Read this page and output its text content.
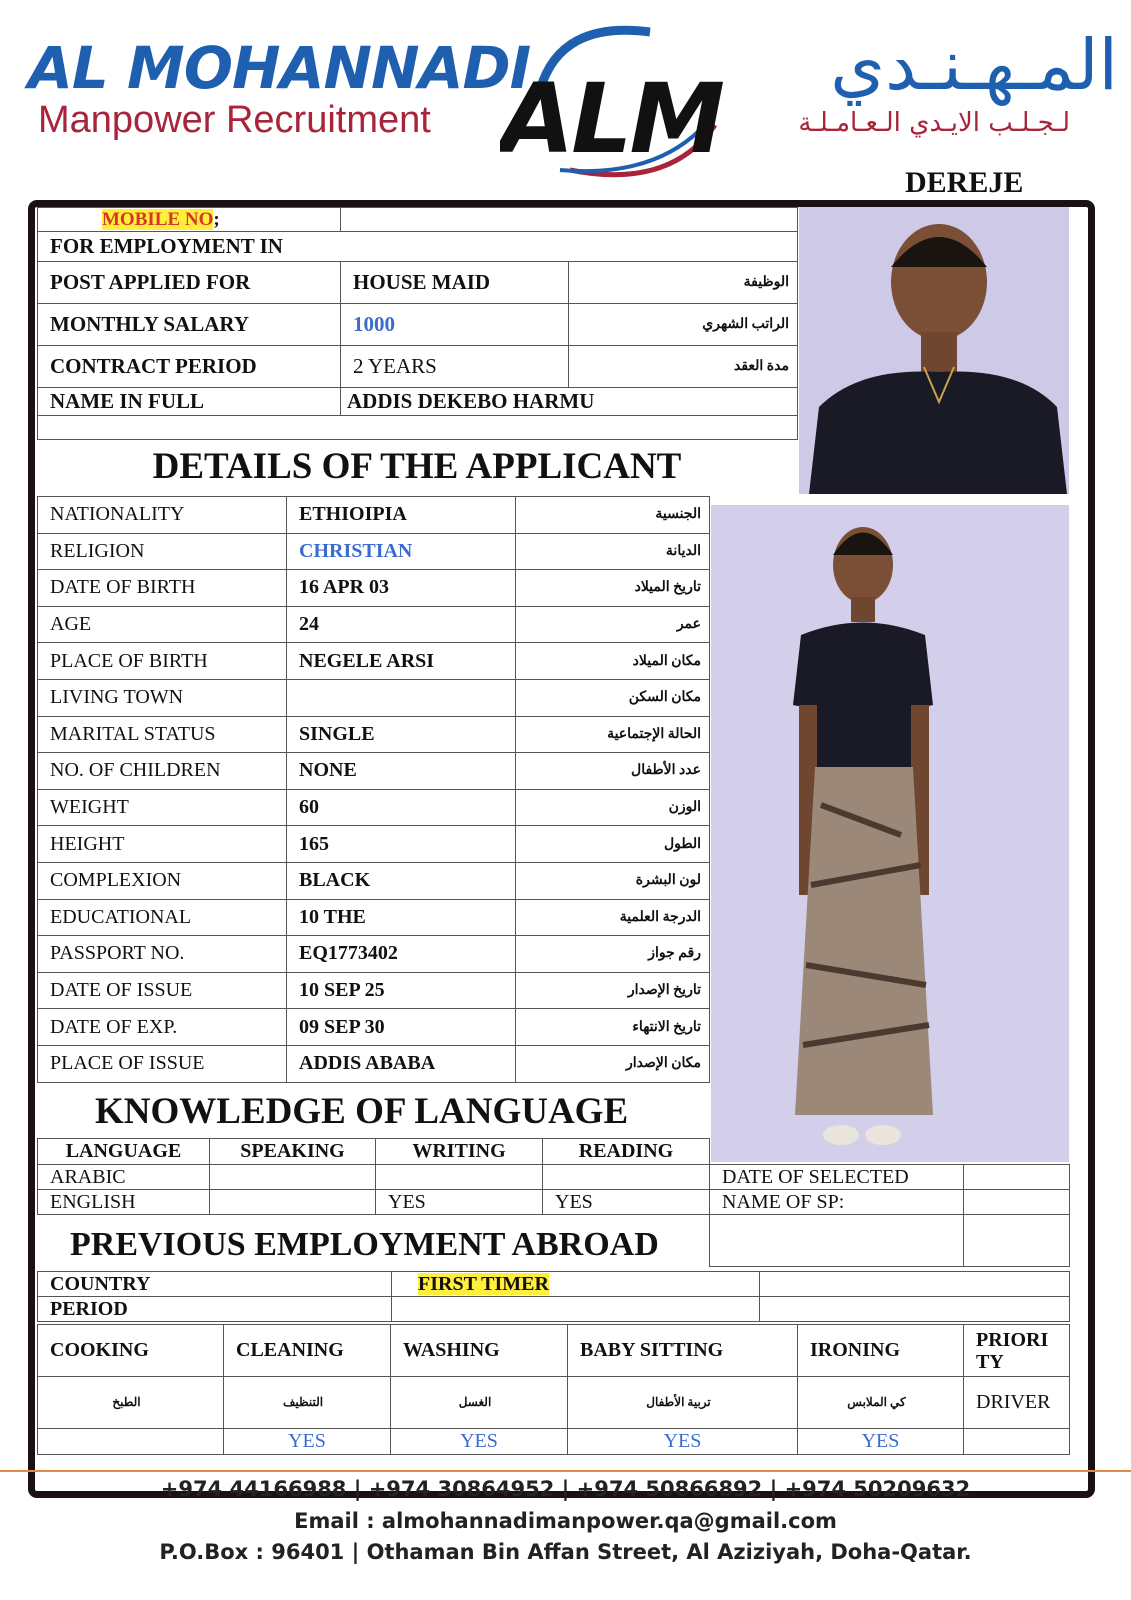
AL MOHANNADI
Manpower Recruitment ALM	المـهـنـدي
لـجـلـب الايـدي الـعـامـلـة
DEREJE
MOBILE NO;		
FOR EMPLOYMENT IN		
POST APPLIED FOR	HOUSE MAID	الوظيفة
MONTHLY SALARY	1000	الراتب الشهري
CONTRACT PERIOD	2 YEARS	مدة العقد
NAME IN FULL	ADDIS DEKEBO HARMU	

DETAILS OF THE APPLICANT
NATIONALITY	ETHIOIPIA	الجنسية
RELIGION	CHRISTIAN	الديانة
DATE OF BIRTH	16 APR 03	تاريخ الميلاد
AGE	24	عمر
PLACE OF BIRTH	NEGELE ARSI	مكان الميلاد
LIVING TOWN		مكان السكن
MARITAL STATUS	SINGLE	الحالة الإجتماعية
NO. OF CHILDREN	NONE	عدد الأطفال
WEIGHT	60	الوزن
HEIGHT	165	الطول
COMPLEXION	BLACK	لون البشرة
EDUCATIONAL	10 THE	الدرجة العلمية
PASSPORT NO.	EQ1773402	رقم جواز
DATE OF ISSUE	10 SEP 25	تاريخ الإصدار
DATE OF EXP.	09 SEP 30	تاريخ الانتهاء
PLACE OF ISSUE	ADDIS ABABA	مكان الإصدار
KNOWLEDGE OF LANGUAGE
LANGUAGE	SPEAKING	WRITING	READING
ARABIC			
ENGLISH		YES	YES
DATE OF SELECTED	
NAME OF SP:	

PREVIOUS EMPLOYMENT ABROAD
COUNTRY	FIRST TIMER	
PERIOD		
COOKING	CLEANING	WASHING	BABY SITTING	IRONING	PRIORI TY
الطبخ	التنظيف	الغسل	تربية الأطفال	كي الملابس	DRIVER
	YES	YES	YES	YES	
+974 44166988 | +974 30864952 | +974 50866892 | +974 50209632
Email : almohannadimanpower.qa@gmail.com
P.O.Box : 96401 | Othaman Bin Affan Street, Al Aziziyah, Doha-Qatar.
